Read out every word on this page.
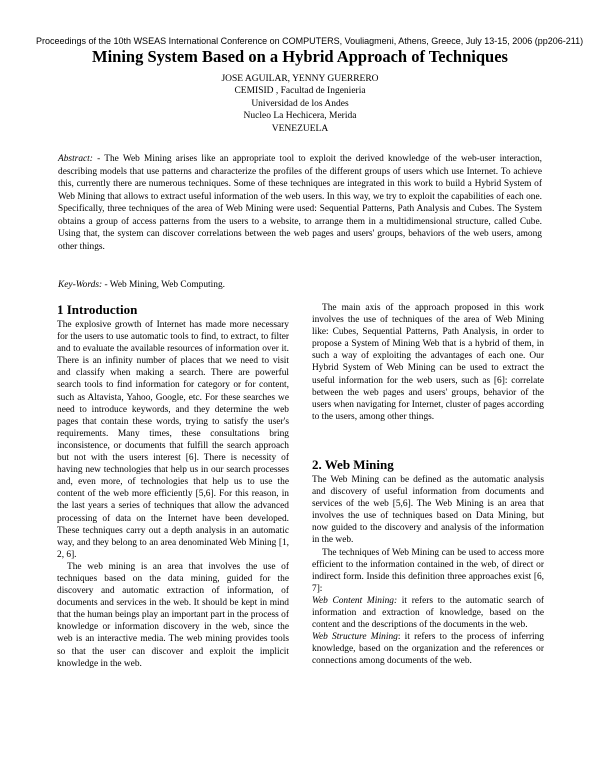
Proceedings of the 10th WSEAS International Conference on COMPUTERS, Vouliagmeni, Athens, Greece, July 13-15, 2006 (pp206-211)
Mining System Based on a Hybrid Approach of Techniques
JOSE AGUILAR, YENNY GUERRERO
CEMISID , Facultad de Ingenieria
Universidad de los Andes
Nucleo La Hechicera, Merida
VENEZUELA
Abstract: - The Web Mining arises like an appropriate tool to exploit the derived knowledge of the web-user interaction, describing models that use patterns and characterize the profiles of the different groups of users which use Internet. To achieve this, currently there are numerous techniques. Some of these techniques are integrated in this work to build a Hybrid System of Web Mining that allows to extract useful information of the web users. In this way, we try to exploit the capabilities of each one. Specifically, three techniques of the area of Web Mining were used: Sequential Patterns, Path Analysis and Cubes. The System obtains a group of access patterns from the users to a website, to arrange them in a multidimensional structure, called Cube. Using that, the system can discover correlations between the web pages and users' groups, behaviors of the web users, among other things.
Key-Words: - Web Mining, Web Computing.
1 Introduction

The explosive growth of Internet has made more necessary for the users to use automatic tools to find, to extract, to filter and to evaluate the available resources of information over it. There is an infinity number of places that we need to visit and classify when making a search. There are powerful search tools to find information for category or for content, such as Altavista, Yahoo, Google, etc. For these searches we need to introduce keywords, and they determine the web pages that contain these words, trying to satisfy the user's requirements. Many times, these consultations bring inconsistence, or documents that fulfill the search approach but not with the users interest [6]. There is necessity of having new technologies that help us in our search processes and, even more, of technologies that help us to use the content of the web more efficiently [5,6]. For this reason, in the last years a series of techniques that allow the advanced processing of data on the Internet have been developed. These techniques carry out a depth analysis in an automatic way, and they belong to an area denominated Web Mining [1, 2, 6].

The web mining is an area that involves the use of techniques based on the data mining, guided for the discovery and automatic extraction of information, of documents and services in the web. It should be kept in mind that the human beings play an important part in the process of knowledge or information discovery in the web, since the web is an interactive media. The web mining provides tools so that the user can discover and exploit the implicit knowledge in the web.

The main axis of the approach proposed in this work involves the use of techniques of the area of Web Mining like: Cubes, Sequential Patterns, Path Analysis, in order to propose a System of Mining Web that is a hybrid of them, in such a way of exploiting the advantages of each one. Our Hybrid System of Web Mining can be used to extract the useful information for the web users, such as [6]: correlate between the web pages and users' groups, behavior of the users when navigating for Internet, cluster of pages according to the users, among other things.

2. Web Mining

The Web Mining can be defined as the automatic analysis and discovery of useful information from documents and services of the web [5,6]. The Web Mining is an area that involves the use of techniques based on Data Mining, but now guided to the discovery and analysis of the information in the web.

The techniques of Web Mining can be used to access more efficient to the information contained in the web, of direct or indirect form. Inside this definition three approaches exist [6, 7]:

Web Content Mining: it refers to the automatic search of information and extraction of knowledge, based on the content and the descriptions of the documents in the web.

Web Structure Mining: it refers to the process of inferring knowledge, based on the organization and the references or connections among documents of the web.
